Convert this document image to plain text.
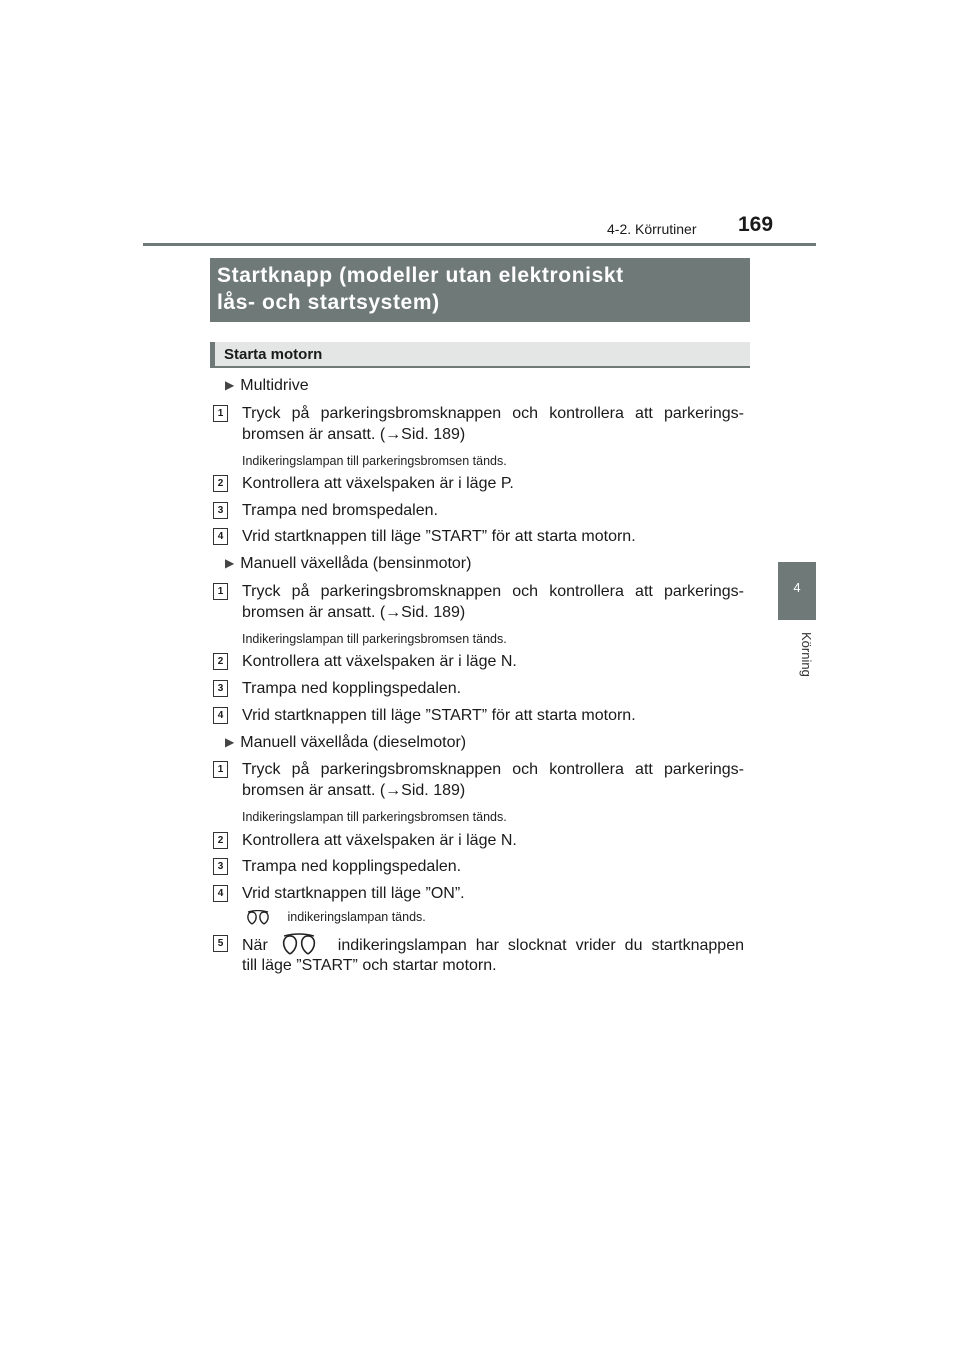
4-2. Körrutiner 169
4
Körning
Startknapp (modeller utan elektroniskt
lås- och startsystem)
Starta motorn
▶ Multidrive
1 Tryck på parkeringsbromsknappen och kontrollera att parkerings-
bromsen är ansatt. (→Sid. 189)
Indikeringslampan till parkeringsbromsen tänds.
2 Kontrollera att växelspaken är i läge P.
3 Trampa ned bromspedalen.
4 Vrid startknappen till läge ”START” för att starta motorn.
▶ Manuell växellåda (bensinmotor)
1 Tryck på parkeringsbromsknappen och kontrollera att parkerings-
bromsen är ansatt. (→Sid. 189)
Indikeringslampan till parkeringsbromsen tänds.
2 Kontrollera att växelspaken är i läge N.
3 Trampa ned kopplingspedalen.
4 Vrid startknappen till läge ”START” för att starta motorn.
▶ Manuell växellåda (dieselmotor)
1 Tryck på parkeringsbromsknappen och kontrollera att parkerings-
bromsen är ansatt. (→Sid. 189)
Indikeringslampan till parkeringsbromsen tänds.
2 Kontrollera att växelspaken är i läge N.
3 Trampa ned kopplingspedalen.
4 Vrid startknappen till läge ”ON”.
indikeringslampan tänds.
5 När	indikeringslampan har slocknat vrider du startknappen
till läge ”START” och startar motorn.
